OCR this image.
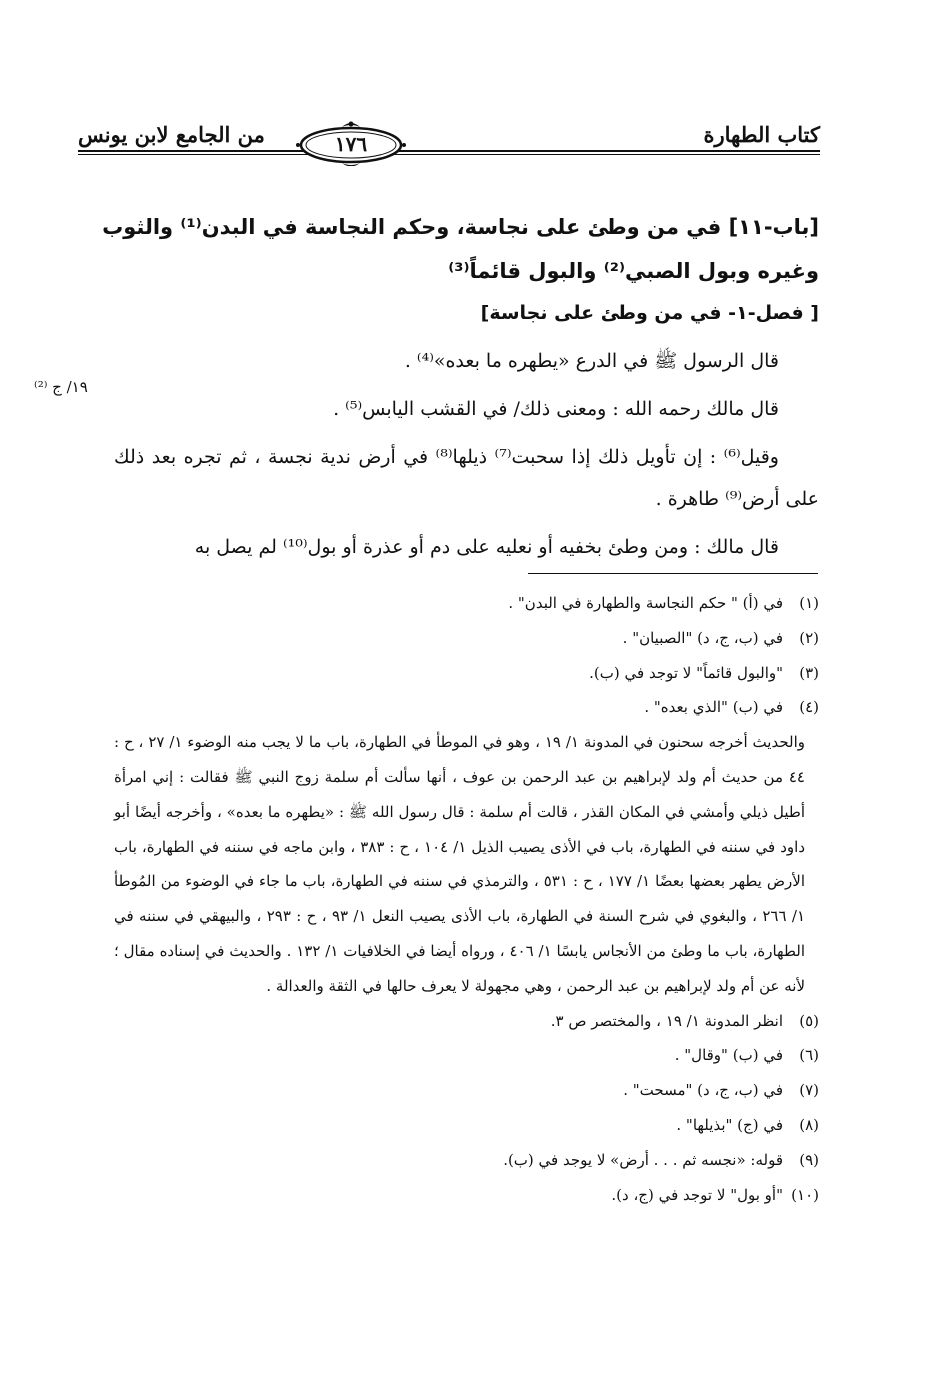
كتاب الطهارة
من الجامع لابن يونس	١٧٦
[باب-١١] في من وطئ على نجاسة، وحكم النجاسة في البدن⁽¹⁾ والثوب وغيره وبول الصبي⁽²⁾ والبول قائماً⁽³⁾
[ فصل-١- في من وطئ على نجاسة]
١٩/ ج ⁽²⁾

قال الرسول ﷺ في الدرع «يطهره ما بعده»⁽⁴⁾ .

قال مالك رحمه الله : ومعنى ذلك/ في القشب اليابس⁽⁵⁾ .

وقيل⁽⁶⁾ : إن تأويل ذلك إذا سحبت⁽⁷⁾ ذيلها⁽⁸⁾ في أرض ندية نجسة ، ثم تجره بعد ذلك على أرض⁽⁹⁾ طاهرة .

قال مالك : ومن وطئ بخفيه أو نعليه على دم أو عذرة أو بول⁽¹⁰⁾ لم يصل به

(١)في (أ) " حكم النجاسة والطهارة في البدن" .

(٢)في (ب، ج، د) "الصبيان" .

(٣)"والبول قائماً" لا توجد في (ب).

(٤)في (ب) "الذي بعده" .

والحديث أخرجه سحنون في المدونة ١/ ١٩ ، وهو في الموطأ في الطهارة، باب ما لا يجب منه الوضوء ١/ ٢٧ ، ح : ٤٤ من حديث أم ولد لإبراهيم بن عبد الرحمن بن عوف ، أنها سألت أم سلمة زوج النبي ﷺ فقالت : إني امرأة أطيل ذيلي وأمشي في المكان القذر ، قالت أم سلمة : قال رسول الله ﷺ : «يطهره ما بعده» ، وأخرجه أيضًا أبو داود في سننه في الطهارة، باب في الأذى يصيب الذيل ١/ ١٠٤ ، ح : ٣٨٣ ، وابن ماجه في سننه في الطهارة، باب الأرض يطهر بعضها بعضًا ١/ ١٧٧ ، ح : ٥٣١ ، والترمذي في سننه في الطهارة، باب ما جاء في الوضوء من المُوطأ ١/ ٢٦٦ ، والبغوي في شرح السنة في الطهارة، باب الأذى يصيب النعل ١/ ٩٣ ، ح : ٢٩٣ ، والبيهقي في سننه في الطهارة، باب ما وطئ من الأنجاس يابسًا ١/ ٤٠٦ ، ورواه أيضا في الخلافيات ١/ ١٣٢ . والحديث في إسناده مقال ؛ لأنه عن أم ولد لإبراهيم بن عبد الرحمن ، وهي مجهولة لا يعرف حالها في الثقة والعدالة .

(٥)انظر المدونة ١/ ١٩ ، والمختصر ص ٣.

(٦)في (ب) "وقال" .

(٧)في (ب، ج، د) "مسحت" .

(٨)في (ج) "بذيلها" .

(٩)قوله: «نجسه ثم . . . أرض» لا يوجد في (ب).

(١٠)"أو بول" لا توجد في (ج، د).
